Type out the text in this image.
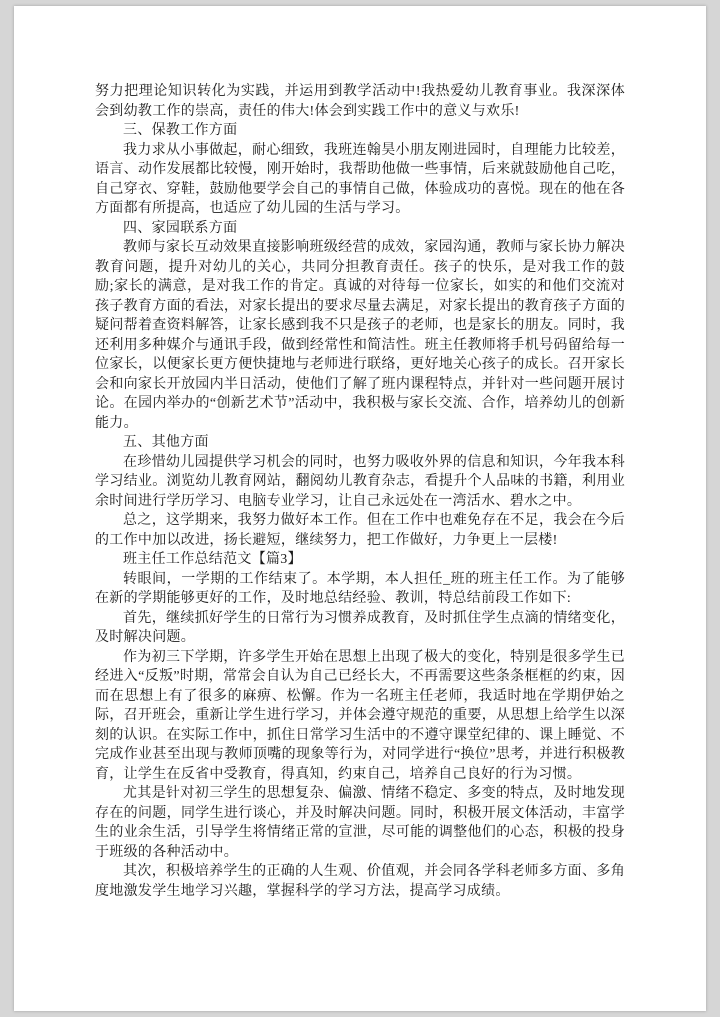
努力把理论知识转化为实践，并运用到教学活动中!我热爱幼儿教育事业。我深深体会到幼教工作的崇高，责任的伟大!体会到实践工作中的意义与欢乐!

三、保教工作方面

我力求从小事做起，耐心细致，我班连翰昊小朋友刚进园时，自理能力比较差，语言、动作发展都比较慢，刚开始时，我帮助他做一些事情，后来就鼓励他自己吃，自己穿衣、穿鞋，鼓励他要学会自己的事情自己做，体验成功的喜悦。现在的他在各方面都有所提高，也适应了幼儿园的生活与学习。

四、家园联系方面

教师与家长互动效果直接影响班级经营的成效，家园沟通，教师与家长协力解决教育问题，提升对幼儿的关心，共同分担教育责任。孩子的快乐，是对我工作的鼓励;家长的满意，是对我工作的肯定。真诚的对待每一位家长，如实的和他们交流对孩子教育方面的看法，对家长提出的要求尽量去满足，对家长提出的教育孩子方面的疑问帮着查资料解答，让家长感到我不只是孩子的老师，也是家长的朋友。同时，我还利用多种媒介与通讯手段，做到经常性和简洁性。班主任教师将手机号码留给每一位家长，以便家长更方便快捷地与老师进行联络，更好地关心孩子的成长。召开家长会和向家长开放园内半日活动，使他们了解了班内课程特点，并针对一些问题开展讨论。在园内举办的“创新艺术节”活动中，我积极与家长交流、合作，培养幼儿的创新能力。

五、其他方面

在珍惜幼儿园提供学习机会的同时，也努力吸收外界的信息和知识，今年我本科学习结业。浏览幼儿教育网站，翻阅幼儿教育杂志，看提升个人品味的书籍，利用业余时间进行学历学习、电脑专业学习，让自己永远处在一湾活水、碧水之中。

总之，这学期来，我努力做好本工作。但在工作中也难免存在不足，我会在今后的工作中加以改进，扬长避短，继续努力，把工作做好，力争更上一层楼!

班主任工作总结范文【篇3】

转眼间，一学期的工作结束了。本学期，本人担任_班的班主任工作。为了能够在新的学期能够更好的工作，及时地总结经验、教训，特总结前段工作如下:

首先，继续抓好学生的日常行为习惯养成教育，及时抓住学生点滴的情绪变化，及时解决问题。

作为初三下学期，许多学生开始在思想上出现了极大的变化，特别是很多学生已经进入“反叛”时期，常常会自认为自己已经长大，不再需要这些条条框框的约束，因而在思想上有了很多的麻痹、松懈。作为一名班主任老师，我适时地在学期伊始之际，召开班会，重新让学生进行学习，并体会遵守规范的重要，从思想上给学生以深刻的认识。在实际工作中，抓住日常学习生活中的不遵守课堂纪律的、课上睡觉、不完成作业甚至出现与教师顶嘴的现象等行为，对同学进行“换位”思考，并进行积极教育，让学生在反省中受教育，得真知，约束自己，培养自己良好的行为习惯。

尤其是针对初三学生的思想复杂、偏激、情绪不稳定、多变的特点，及时地发现存在的问题，同学生进行谈心，并及时解决问题。同时，积极开展文体活动，丰富学生的业余生活，引导学生将情绪正常的宣泄，尽可能的调整他们的心态，积极的投身于班级的各种活动中。

其次，积极培养学生的正确的人生观、价值观，并会同各学科老师多方面、多角度地激发学生地学习兴趣，掌握科学的学习方法，提高学习成绩。
